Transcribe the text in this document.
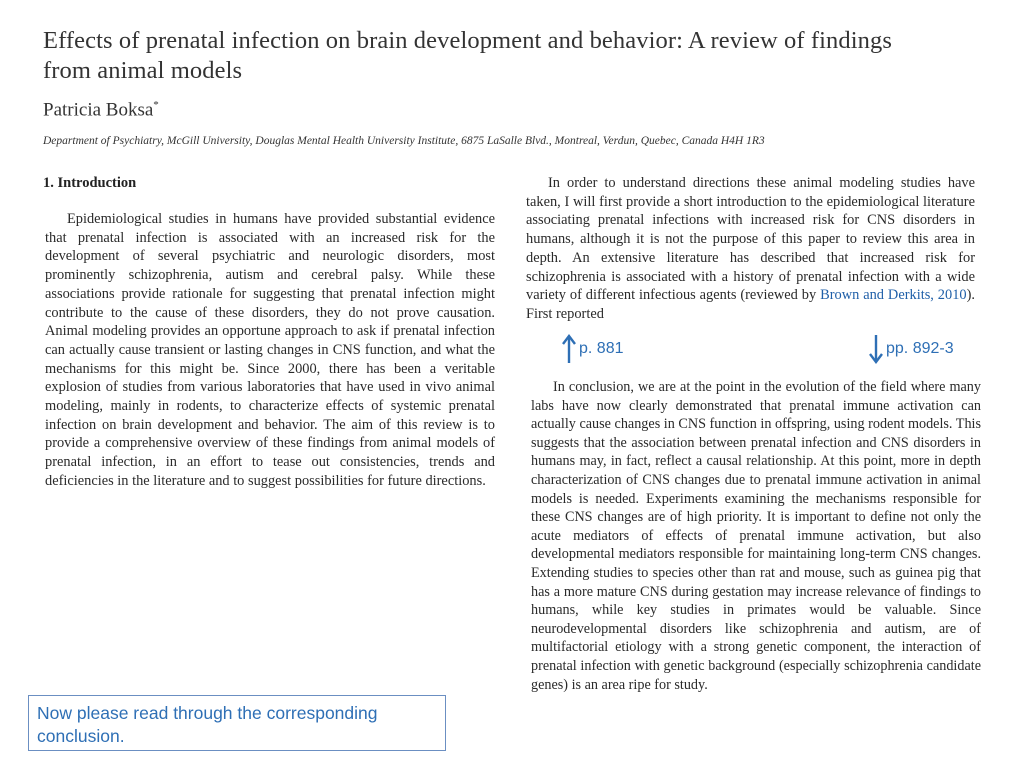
Effects of prenatal infection on brain development and behavior: A review of findings from animal models
Patricia Boksa*
Department of Psychiatry, McGill University, Douglas Mental Health University Institute, 6875 LaSalle Blvd., Montreal, Verdun, Quebec, Canada H4H 1R3
1. Introduction
Epidemiological studies in humans have provided substantial evidence that prenatal infection is associated with an increased risk for the development of several psychiatric and neurologic disorders, most prominently schizophrenia, autism and cerebral palsy. While these associations provide rationale for suggesting that prenatal infection might contribute to the cause of these disorders, they do not prove causation. Animal modeling provides an opportune approach to ask if prenatal infection can actually cause transient or lasting changes in CNS function, and what the mechanisms for this might be. Since 2000, there has been a veritable explosion of studies from various laboratories that have used in vivo animal modeling, mainly in rodents, to characterize effects of systemic prenatal infection on brain development and behavior. The aim of this review is to provide a comprehensive overview of these findings from animal models of prenatal infection, in an effort to tease out consistencies, trends and deficiencies in the literature and to suggest possibilities for future directions.
In order to understand directions these animal modeling studies have taken, I will first provide a short introduction to the epidemiological literature associating prenatal infections with increased risk for CNS disorders in humans, although it is not the purpose of this paper to review this area in depth. An extensive literature has described that increased risk for schizophrenia is associated with a history of prenatal infection with a wide variety of different infectious agents (reviewed by Brown and Derkits, 2010). First reported
p. 881	pp. 892-3
In conclusion, we are at the point in the evolution of the field where many labs have now clearly demonstrated that prenatal immune activation can actually cause changes in CNS function in offspring, using rodent models. This suggests that the association between prenatal infection and CNS disorders in humans may, in fact, reflect a causal relationship. At this point, more in depth characterization of CNS changes due to prenatal immune activation in animal models is needed. Experiments examining the mechanisms responsible for these CNS changes are of high priority. It is important to define not only the acute mediators of effects of prenatal immune activation, but also developmental mediators responsible for maintaining long-term CNS changes. Extending studies to species other than rat and mouse, such as guinea pig that has a more mature CNS during gestation may increase relevance of findings to humans, while key studies in primates would be valuable. Since neurodevelopmental disorders like schizophrenia and autism, are of multifactorial etiology with a strong genetic component, the interaction of prenatal infection with genetic background (especially schizophrenia candidate genes) is an area ripe for study.
Now please read through the corresponding conclusion.
